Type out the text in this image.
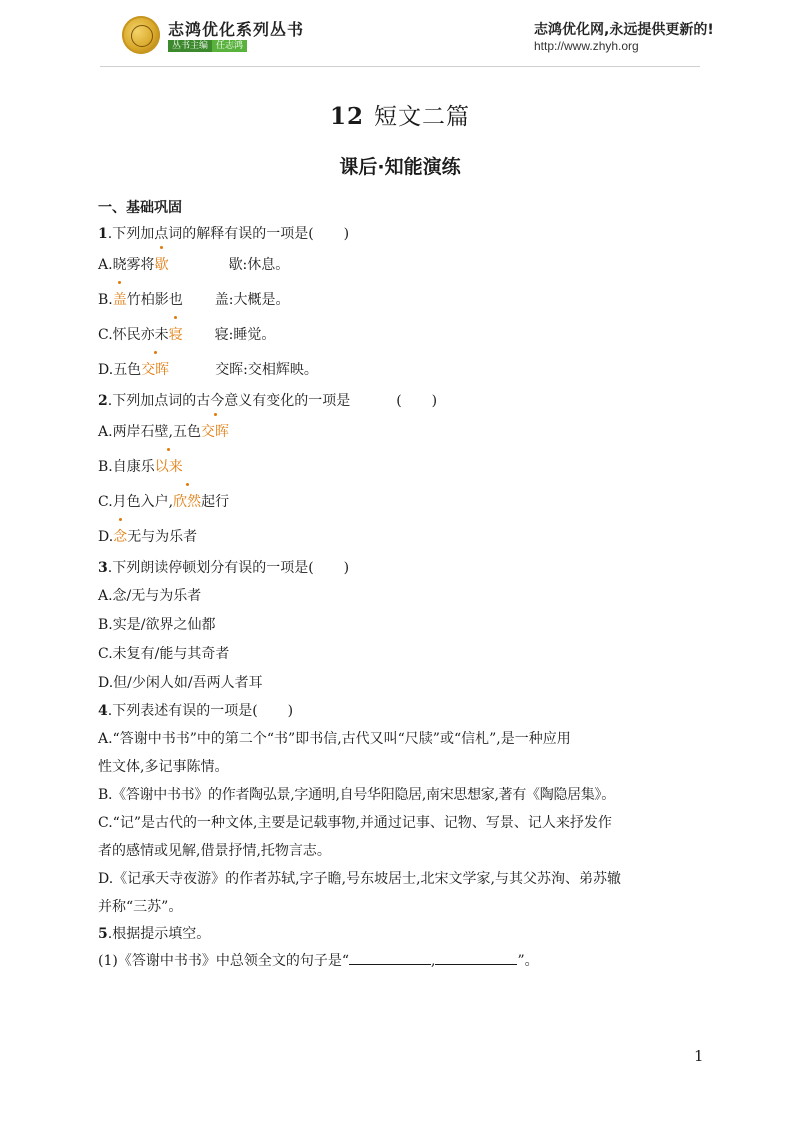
志鸿优化系列丛书
丛书主编 任志鸿
志鸿优化网,永远提供更新的!
http://www.zhyh.org
12 短文二篇
课后·知能演练
一、基础巩固
1.下列加点词的解释有误的一项是( )
A.晓雾将歇	歇:休息。
B.盖竹柏影也 盖:大概是。
C.怀民亦未寝 寝:睡觉。
D.五色交晖	交晖:交相辉映。
2.下列加点词的古今意义有变化的一项是	( )
A.两岸石壁,五色交晖
B.自康乐以来
C.月色入户,欣然起行
D.念无与为乐者
3.下列朗读停顿划分有误的一项是( )
A.念/无与为乐者
B.实是/欲界之仙都
C.未复有/能与其奇者
D.但/少闲人如/吾两人者耳
4.下列表述有误的一项是( )
A.“答谢中书书”中的第二个“书”即书信,古代又叫“尺牍”或“信札”,是一种应用
性文体,多记事陈情。
B.《答谢中书书》的作者陶弘景,字通明,自号华阳隐居,南宋思想家,著有《陶隐居集》。
C.“记”是古代的一种文体,主要是记载事物,并通过记事、记物、写景、记人来抒发作
者的感情或见解,借景抒情,托物言志。
D.《记承天寺夜游》的作者苏轼,字子瞻,号东坡居士,北宋文学家,与其父苏洵、弟苏辙
并称“三苏”。
5.根据提示填空。
(1)《答谢中书书》中总领全文的句子是“	,	”。
1
